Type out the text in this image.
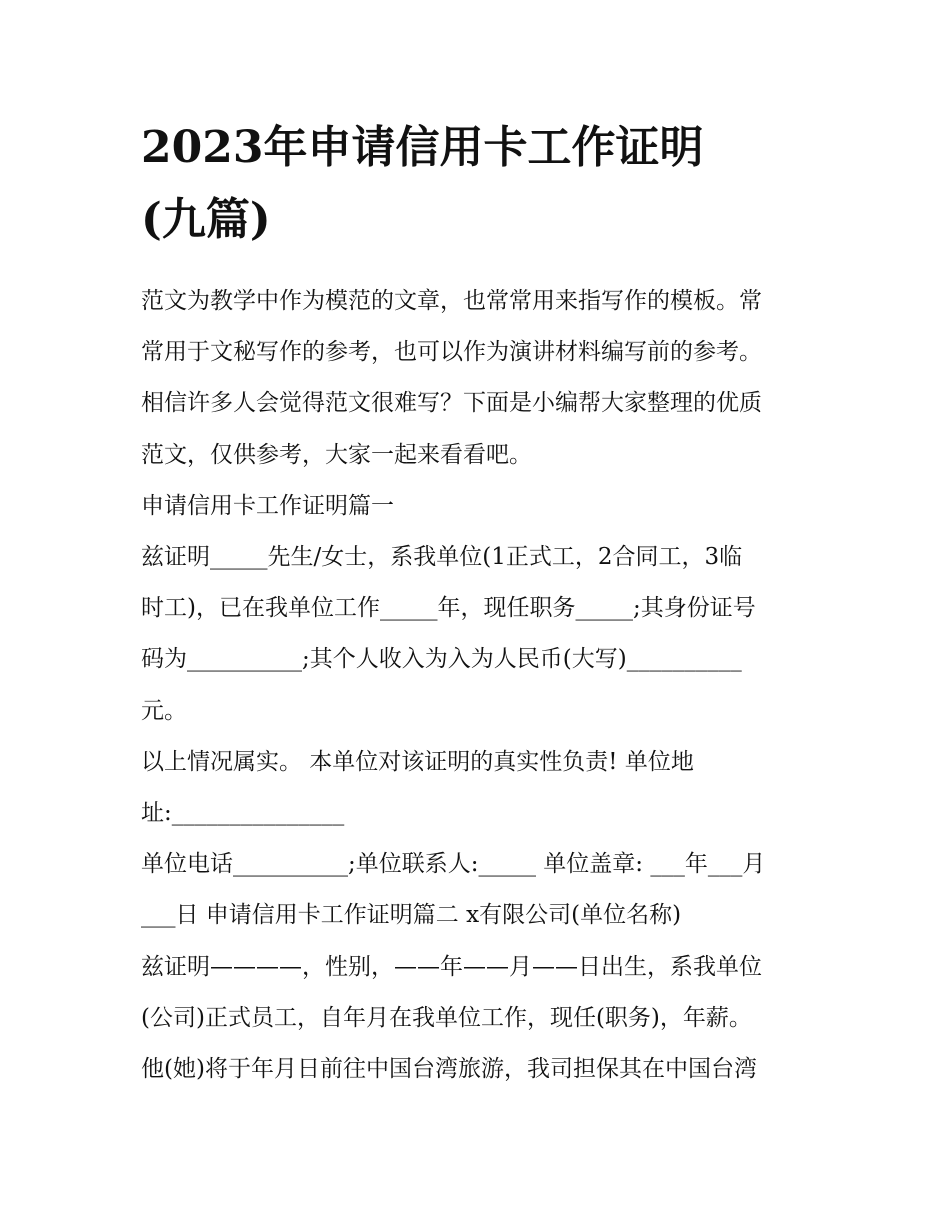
2023年申请信用卡工作证明
(九篇)

范文为教学中作为模范的文章，也常常用来指写作的模板。常

常用于文秘写作的参考，也可以作为演讲材料编写前的参考。

相信许多人会觉得范文很难写？下面是小编帮大家整理的优质

范文，仅供参考，大家一起来看看吧。

申请信用卡工作证明篇一

兹证明_____先生/女士，系我单位(1正式工，2合同工，3临

时工)，已在我单位工作_____年，现任职务_____;其身份证号

码为__________;其个人收入为入为人民币(大写)__________

元。

以上情况属实。 本单位对该证明的真实性负责! 单位地

址:_______________

单位电话__________;单位联系人:_____ 单位盖章: ___年___月

___日 申请信用卡工作证明篇二 x有限公司(单位名称)

兹证明————，性别，——年——月——日出生，系我单位

(公司)正式员工，自年月在我单位工作，现任(职务)，年薪。

他(她)将于年月日前往中国台湾旅游，我司担保其在中国台湾
